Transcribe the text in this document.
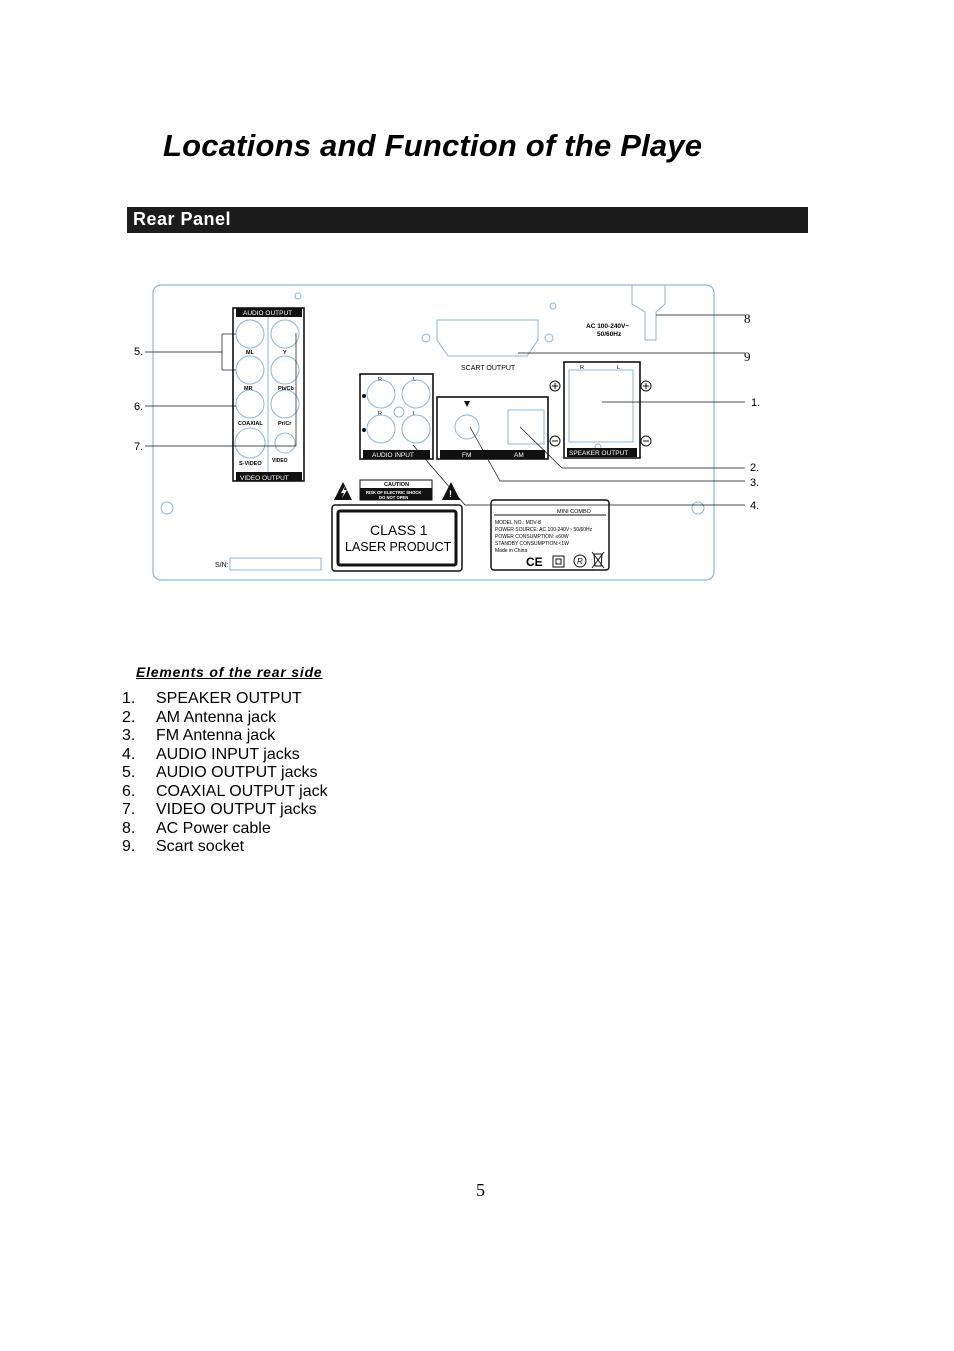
Locations and Function of the Playe
Rear Panel
AC 100-240V~
50/60Hz
AUDIO OUTPUT
VIDEO OUTPUT
ML
MR
Y
Pb/Cb
Pr/Cr
COAXIAL
S-VIDEO VIDEO
SCART OUTPUT
AUDIO INPUT
R	L
R	L
FM	AM	SPEAKER OUTPUT
R	L
CAUTION
RISK OF ELECTRIC SHOCK
DO NOT OPEN	!
CLASS 1
LASER PRODUCT
S/N:
MINI COMBO
MODEL NO.: MDV-8
POWER SOURCE: AC 100-240V~ 50/60Hz
POWER CONSUMPTION: ≤60W
STANDBY CONSUMPTION:<1W
Made in China
CE	R
5.
6.
7.
8
9
1.
2.
3.
4.
Elements of the rear side
1. SPEAKER OUTPUT
2. AM Antenna jack
3. FM Antenna jack
4. AUDIO INPUT jacks
5. AUDIO OUTPUT jacks
6. COAXIAL OUTPUT jack
7. VIDEO OUTPUT jacks
8. AC Power cable
9. Scart socket
5
